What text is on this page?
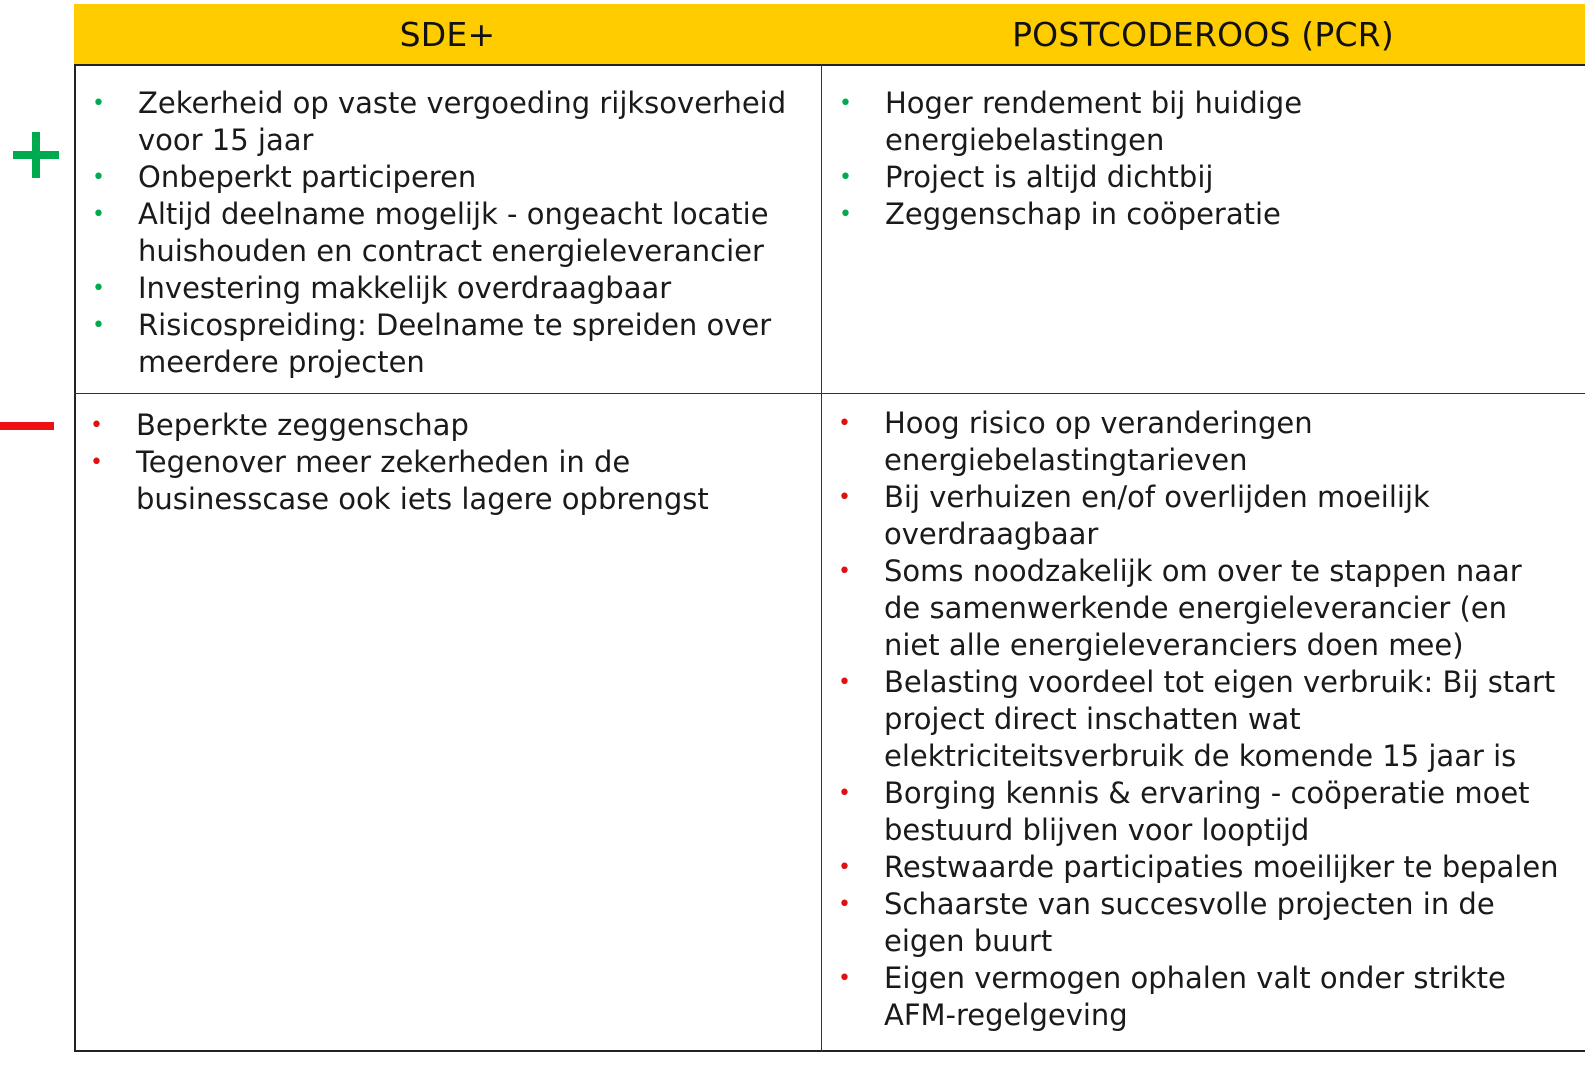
SDE+	POSTCODEROOS (PCR)
• Zekerheid op vaste vergoeding rijksoverheid voor 15 jaar
• Onbeperkt participeren
• Altijd deelname mogelijk - ongeacht locatie huishouden en contract energieleverancier
• Investering makkelijk overdraagbaar
• Risicospreiding: Deelname te spreiden over meerdere projecten
• Hoger rendement bij huidige energiebelastingen
• Project is altijd dichtbij
• Zeggenschap in coöperatie
• Beperkte zeggenschap
• Tegenover meer zekerheden in de businesscase ook iets lagere opbrengst
• Hoog risico op veranderingen energiebelastingtarieven
• Bij verhuizen en/of overlijden moeilijk overdraagbaar
• Soms noodzakelijk om over te stappen naar de samenwerkende energieleverancier (en niet alle energieleveranciers doen mee)
• Belasting voordeel tot eigen verbruik: Bij start project direct inschatten wat elektriciteitsverbruik de komende 15 jaar is
• Borging kennis & ervaring - coöperatie moet bestuurd blijven voor looptijd
• Restwaarde participaties moeilijker te bepalen
• Schaarste van succesvolle projecten in de eigen buurt
• Eigen vermogen ophalen valt onder strikte AFM-regelgeving
